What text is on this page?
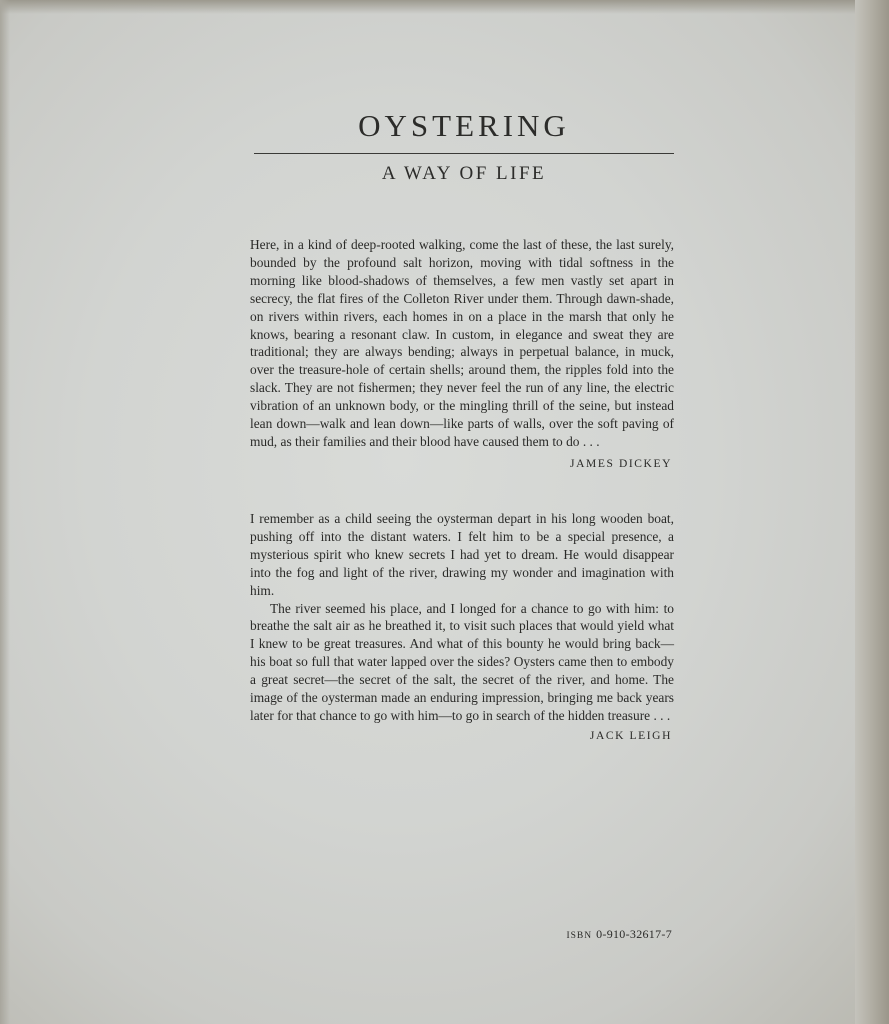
OYSTERING
A WAY OF LIFE

Here, in a kind of deep-rooted walking, come the last of these, the last surely, bounded by the profound salt horizon, moving with tidal softness in the morning like blood-shadows of themselves, a few men vastly set apart in secrecy, the flat fires of the Colleton River under them. Through dawn-shade, on rivers within rivers, each homes in on a place in the marsh that only he knows, bearing a resonant claw. In custom, in elegance and sweat they are traditional; they are always bending; always in perpetual balance, in muck, over the treasure-hole of certain shells; around them, the ripples fold into the slack. They are not fishermen; they never feel the run of any line, the electric vibration of an unknown body, or the mingling thrill of the seine, but instead lean down—walk and lean down—like parts of walls, over the soft paving of mud, as their families and their blood have caused them to do . . .

JAMES DICKEY

I remember as a child seeing the oysterman depart in his long wooden boat, pushing off into the distant waters. I felt him to be a special presence, a mysterious spirit who knew secrets I had yet to dream. He would disappear into the fog and light of the river, drawing my wonder and imagination with him.

The river seemed his place, and I longed for a chance to go with him: to breathe the salt air as he breathed it, to visit such places that would yield what I knew to be great treasures. And what of this bounty he would bring back—his boat so full that water lapped over the sides? Oysters came then to embody a great secret—the secret of the salt, the secret of the river, and home. The image of the oysterman made an enduring impression, bringing me back years later for that chance to go with him—to go in search of the hidden treasure . . .

JACK LEIGH
ISBN 0-910-32617-7
